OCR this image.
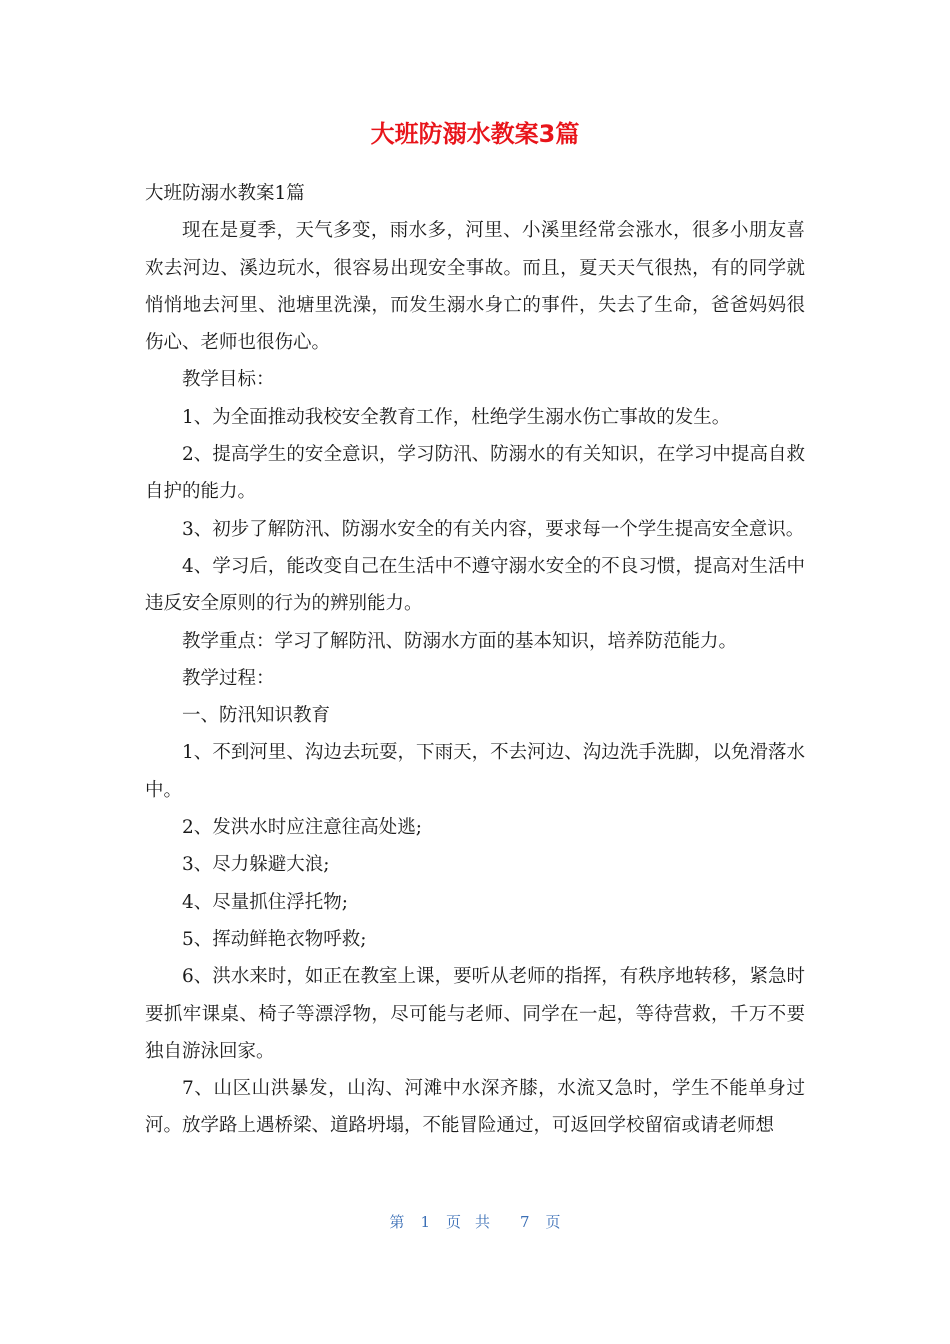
大班防溺水教案3篇

大班防溺水教案1篇

现在是夏季，天气多变，雨水多，河里、小溪里经常会涨水，很多小朋友喜欢去河边、溪边玩水，很容易出现安全事故。而且，夏天天气很热，有的同学就悄悄地去河里、池塘里洗澡，而发生溺水身亡的事件，失去了生命，爸爸妈妈很伤心、老师也很伤心。

教学目标：

1、为全面推动我校安全教育工作，杜绝学生溺水伤亡事故的发生。

2、提高学生的安全意识，学习防汛、防溺水的有关知识，在学习中提高自救自护的能力。

3、初步了解防汛、防溺水安全的有关内容，要求每一个学生提高安全意识。

4、学习后，能改变自己在生活中不遵守溺水安全的不良习惯，提高对生活中违反安全原则的行为的辨别能力。

教学重点：学习了解防汛、防溺水方面的基本知识，培养防范能力。

教学过程：

一、防汛知识教育

1、不到河里、沟边去玩耍，下雨天，不去河边、沟边洗手洗脚，以免滑落水中。

2、发洪水时应注意往高处逃;

3、尽力躲避大浪;

4、尽量抓住浮托物;

5、挥动鲜艳衣物呼救;

6、洪水来时，如正在教室上课，要听从老师的指挥，有秩序地转移，紧急时要抓牢课桌、椅子等漂浮物，尽可能与老师、同学在一起，等待营救，千万不要独自游泳回家。

7、山区山洪暴发，山沟、河滩中水深齐膝，水流又急时，学生不能单身过河。放学路上遇桥梁、道路坍塌，不能冒险通过，可返回学校留宿或请老师想

第 1 页共 7 页
